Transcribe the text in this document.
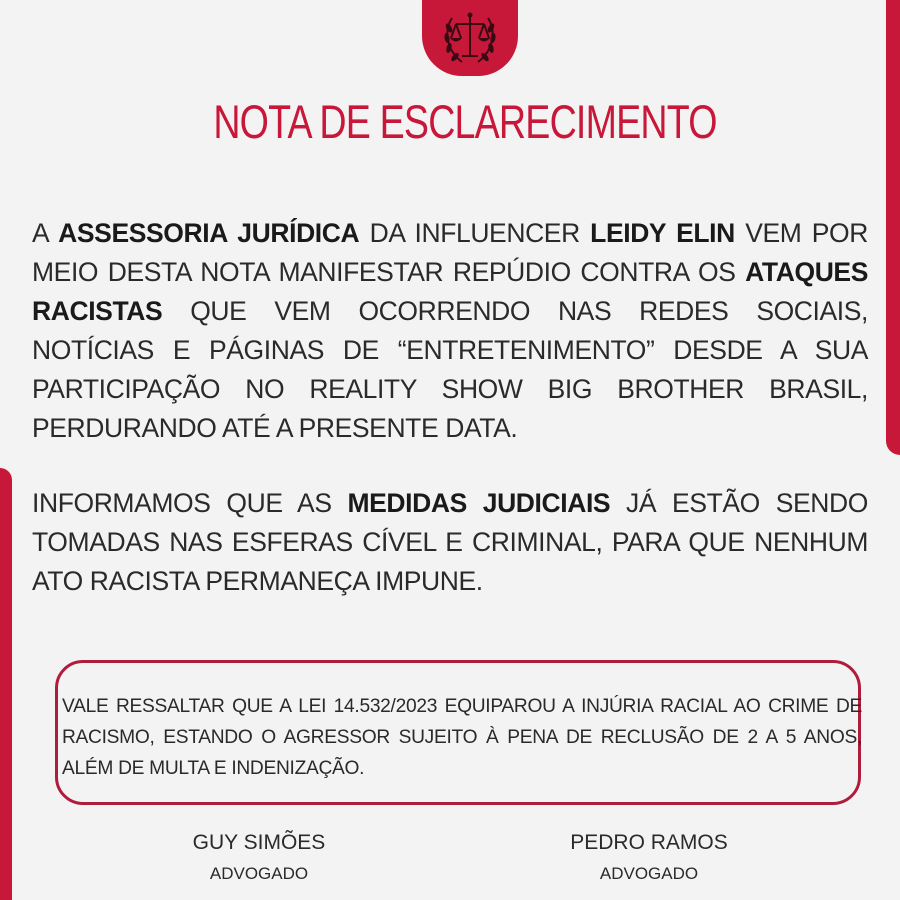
NOTA DE ESCLARECIMENTO
A ASSESSORIA JURÍDICA DA INFLUENCER LEIDY ELIN VEM POR MEIO DESTA NOTA MANIFESTAR REPÚDIO CONTRA OS ATAQUES RACISTAS QUE VEM OCORRENDO NAS REDES SOCIAIS, NOTÍCIAS E PÁGINAS DE “ENTRETENIMENTO” DESDE A SUA PARTICIPAÇÃO NO REALITY SHOW BIG BROTHER BRASIL, PERDURANDO ATÉ A PRESENTE DATA.
INFORMAMOS QUE AS MEDIDAS JUDICIAIS JÁ ESTÃO SENDO TOMADAS NAS ESFERAS CÍVEL E CRIMINAL, PARA QUE NENHUM ATO RACISTA PERMANEÇA IMPUNE.
VALE RESSALTAR QUE A LEI 14.532/2023 EQUIPAROU A INJÚRIA RACIAL AO CRIME DE RACISMO, ESTANDO O AGRESSOR SUJEITO À PENA DE RECLUSÃO DE 2 A 5 ANOS, ALÉM DE MULTA E INDENIZAÇÃO.
GUY SIMÕES
ADVOGADO
PEDRO RAMOS
ADVOGADO
